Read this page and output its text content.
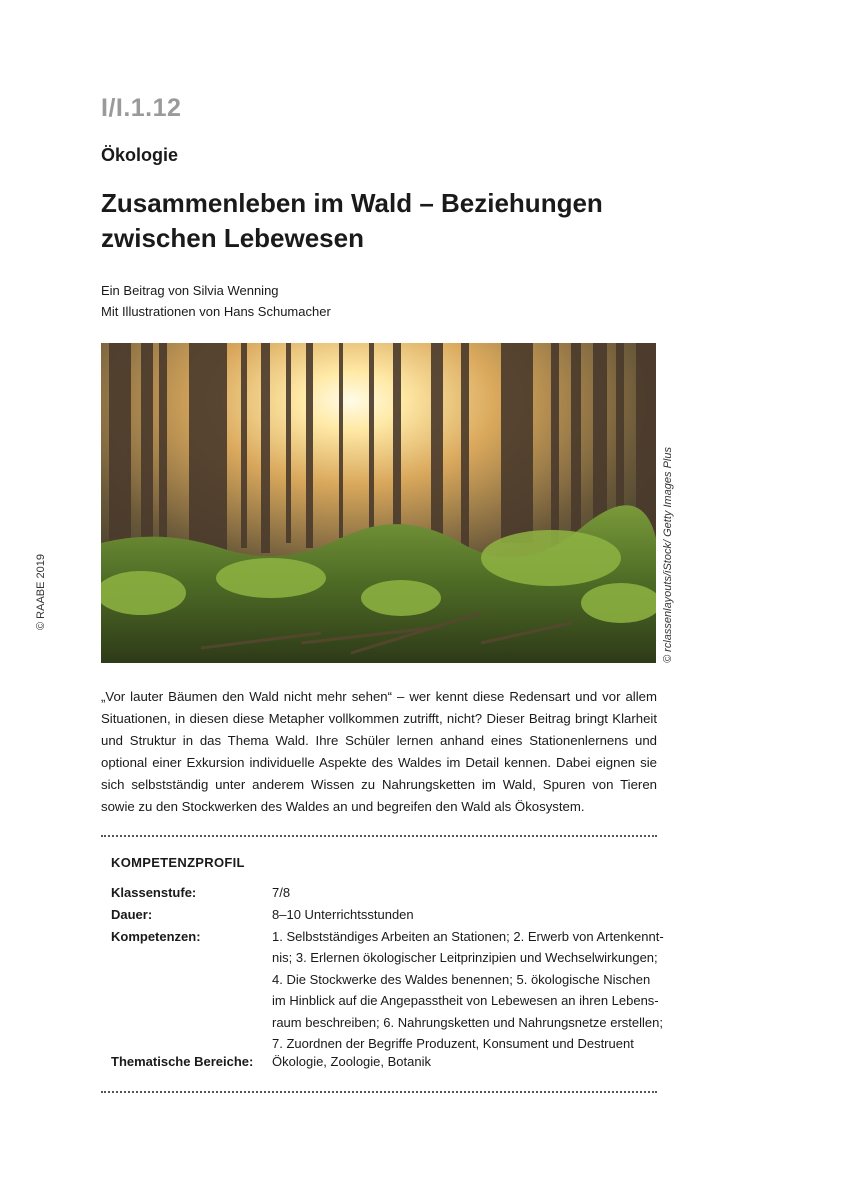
I/I.1.12
Ökologie
Zusammenleben im Wald – Beziehungen
zwischen Lebewesen
Ein Beitrag von Silvia Wenning
Mit Illustrationen von Hans Schumacher
© rclassenlayouts/iStock/ Getty Images Plus
© RAABE 2019
„Vor lauter Bäumen den Wald nicht mehr sehen“ – wer kennt diese Redensart und vor allem Situationen, in diesen diese Metapher vollkommen zutrifft, nicht? Dieser Beitrag bringt Klarheit und Struktur in das Thema Wald. Ihre Schüler lernen anhand eines Stationenlernens und optional einer Exkursion individuelle Aspekte des Waldes im Detail kennen. Dabei eignen sie sich selbstständig unter anderem Wissen zu Nahrungsketten im Wald, Spuren von Tieren sowie zu den Stockwerken des Waldes an und begreifen den Wald als Ökosystem.
KOMPETENZPROFIL
Klassenstufe:	7/8
Dauer:	8–10 Unterrichtsstunden
Kompetenzen:	1. Selbstständiges Arbeiten an Stationen; 2. Erwerb von Artenkennt-
nis; 3. Erlernen ökologischer Leitprinzipien und Wechselwirkungen;
4. Die Stockwerke des Waldes benennen; 5. ökologische Nischen
im Hinblick auf die Angepasstheit von Lebewesen an ihren Lebens-
raum beschreiben; 6. Nahrungsketten und Nahrungsnetze erstellen;
7. Zuordnen der Begriffe Produzent, Konsument und Destruent
Thematische Bereiche: Ökologie, Zoologie, Botanik
